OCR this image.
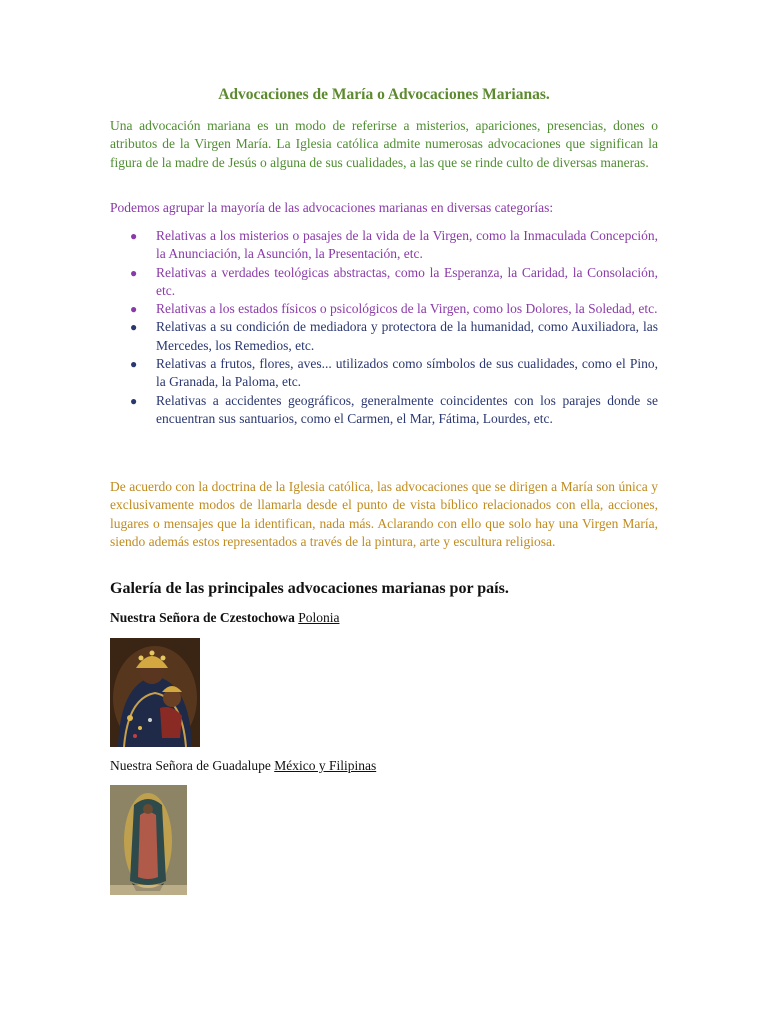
Advocaciones de María o Advocaciones Marianas.

Una advocación mariana es un modo de referirse a misterios, apariciones, presencias, dones o atributos de la Virgen María. La Iglesia católica admite numerosas advocaciones que significan la figura de la madre de Jesús o alguna de sus cualidades, a las que se rinde culto de diversas maneras.

Podemos agrupar la mayoría de las advocaciones marianas en diversas categorías:

● Relativas a los misterios o pasajes de la vida de la Virgen, como la Inmaculada Concepción, la Anunciación, la Asunción, la Presentación, etc.
● Relativas a verdades teológicas abstractas, como la Esperanza, la Caridad, la Consolación, etc.
● Relativas a los estados físicos o psicológicos de la Virgen, como los Dolores, la Soledad, etc.
● Relativas a su condición de mediadora y protectora de la humanidad, como Auxiliadora, las Mercedes, los Remedios, etc.
● Relativas a frutos, flores, aves... utilizados como símbolos de sus cualidades, como el Pino, la Granada, la Paloma, etc.
● Relativas a accidentes geográficos, generalmente coincidentes con los parajes donde se encuentran sus santuarios, como el Carmen, el Mar, Fátima, Lourdes, etc.

De acuerdo con la doctrina de la Iglesia católica, las advocaciones que se dirigen a María son única y exclusivamente modos de llamarla desde el punto de vista bíblico relacionados con ella, acciones, lugares o mensajes que la identifican, nada más. Aclarando con ello que solo hay una Virgen María, siendo además estos representados a través de la pintura, arte y escultura religiosa.

Galería de las principales advocaciones marianas por país.

Nuestra Señora de Czestochowa Polonia

Nuestra Señora de Guadalupe México y Filipinas
